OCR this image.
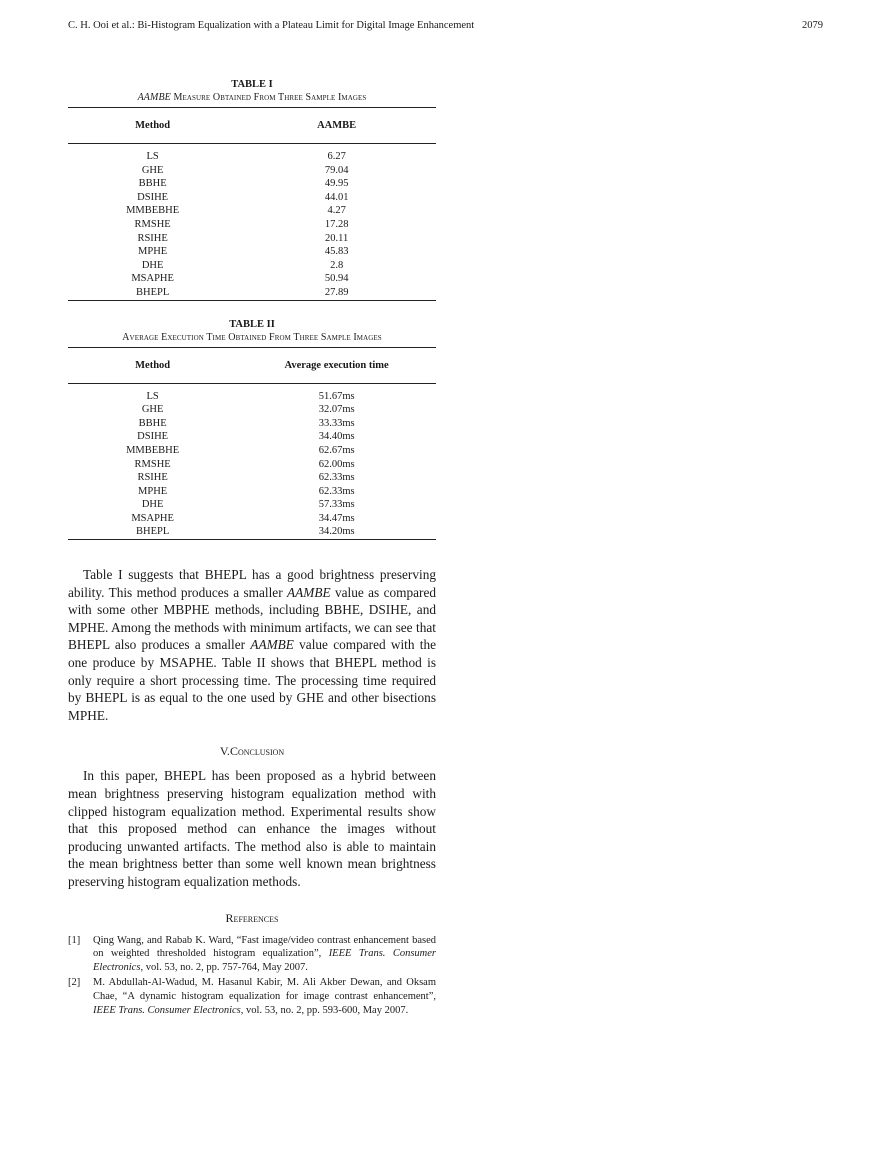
C. H. Ooi et al.: Bi-Histogram Equalization with a Plateau Limit for Digital Image Enhancement	2079
TABLE I
AAMBE Measure Obtained From Three Sample Images
Method	AAMBE
LS	6.27
GHE	79.04
BBHE	49.95
DSIHE	44.01
MMBEBHE	4.27
RMSHE	17.28
RSIHE	20.11
MPHE	45.83
DHE	2.8
MSAPHE	50.94
BHEPL	27.89
TABLE II
Average Execution Time Obtained From Three Sample Images
Method	Average execution time
LS	51.67ms
GHE	32.07ms
BBHE	33.33ms
DSIHE	34.40ms
MMBEBHE	62.67ms
RMSHE	62.00ms
RSIHE	62.33ms
MPHE	62.33ms
DHE	57.33ms
MSAPHE	34.47ms
BHEPL	34.20ms

Table I suggests that BHEPL has a good brightness preserving ability. This method produces a smaller AAMBE value as compared with some other MBPHE methods, including BBHE, DSIHE, and MPHE. Among the methods with minimum artifacts, we can see that BHEPL also produces a smaller AAMBE value compared with the one produce by MSAPHE. Table II shows that BHEPL method is only require a short processing time. The processing time required by BHEPL is as equal to the one used by GHE and other bisections MPHE.

V.Conclusion

In this paper, BHEPL has been proposed as a hybrid between mean brightness preserving histogram equalization method with clipped histogram equalization method. Experimental results show that this proposed method can enhance the images without producing unwanted artifacts. The method also is able to maintain the mean brightness better than some well known mean brightness preserving histogram equalization methods.

References

[1]	Qing Wang, and Rabab K. Ward, “Fast image/video contrast enhancement based on weighted thresholded histogram equalization”, IEEE Trans. Consumer Electronics, vol. 53, no. 2, pp. 757-764, May 2007.
[2]	M. Abdullah-Al-Wadud, M. Hasanul Kabir, M. Ali Akber Dewan, and Oksam Chae, “A dynamic histogram equalization for image contrast enhancement”, IEEE Trans. Consumer Electronics, vol. 53, no. 2, pp. 593-600, May 2007.
